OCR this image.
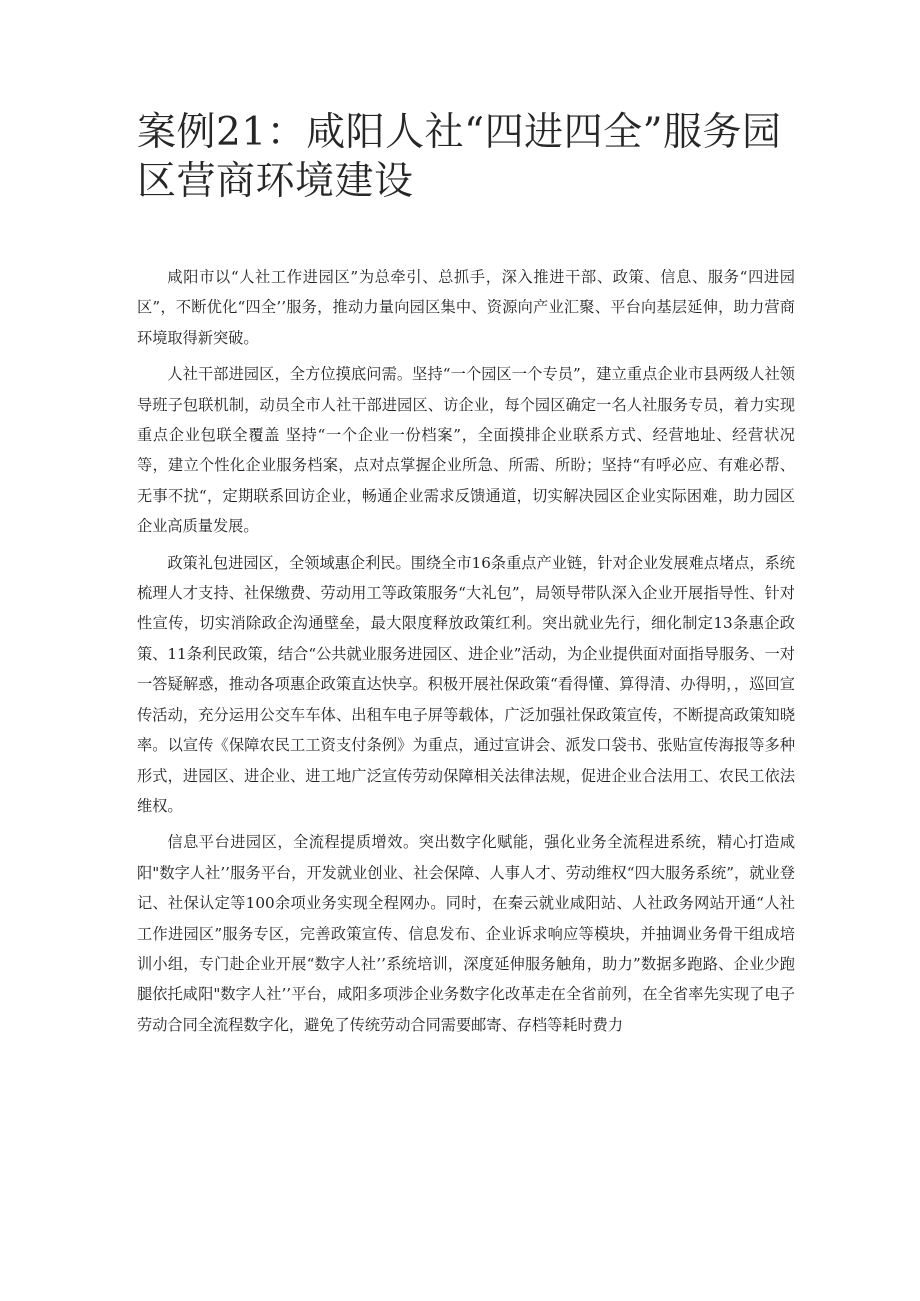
案例21：咸阳人社“四进四全”服务园区营商环境建设

咸阳市以“人社工作进园区”为总牵引、总抓手，深入推进干部、政策、信息、服务“四进园区”，不断优化“四全’’服务，推动力量向园区集中、资源向产业汇聚、平台向基层延伸，助力营商环境取得新突破。

人社干部进园区，全方位摸底问需。坚持“一个园区一个专员”，建立重点企业市县两级人社领导班子包联机制，动员全市人社干部进园区、访企业，每个园区确定一名人社服务专员，着力实现重点企业包联全覆盖 坚持“一个企业一份档案”，全面摸排企业联系方式、经营地址、经营状况等，建立个性化企业服务档案，点对点掌握企业所急、所需、所盼；坚持“有呼必应、有难必帮、无事不扰“，定期联系回访企业，畅通企业需求反馈通道，切实解决园区企业实际困难，助力园区企业高质量发展。

政策礼包进园区，全领域惠企利民。围绕全市16条重点产业链，针对企业发展难点堵点，系统梳理人才支持、社保缴费、劳动用工等政策服务“大礼包”，局领导带队深入企业开展指导性、针对性宣传，切实消除政企沟通壁垒，最大限度释放政策红利。突出就业先行，细化制定13条惠企政策、11条利民政策，结合“公共就业服务进园区、进企业”活动，为企业提供面对面指导服务、一对一答疑解惑，推动各项惠企政策直达快享。积极开展社保政策“看得懂、算得清、办得明，，巡回宣传活动，充分运用公交车车体、出租车电子屏等载体，广泛加强社保政策宣传，不断提高政策知晓率。以宣传《保障农民工工资支付条例》为重点，通过宣讲会、派发口袋书、张贴宣传海报等多种形式，进园区、进企业、进工地广泛宣传劳动保障相关法律法规，促进企业合法用工、农民工依法维权。

信息平台进园区，全流程提质增效。突出数字化赋能，强化业务全流程进系统，精心打造咸阳"数字人社’’服务平台，开发就业创业、社会保障、人事人才、劳动维权“四大服务系统”，就业登记、社保认定等100余项业务实现全程网办。同时，在秦云就业咸阳站、人社政务网站开通“人社工作进园区”服务专区，完善政策宣传、信息发布、企业诉求响应等模块，并抽调业务骨干组成培训小组，专门赴企业开展“数字人社’’系统培训，深度延伸服务触角，助力”数据多跑路、企业少跑腿依托咸阳"数字人社’’平台，咸阳多项涉企业务数字化改革走在全省前列，在全省率先实现了电子劳动合同全流程数字化，避免了传统劳动合同需要邮寄、存档等耗时费力
